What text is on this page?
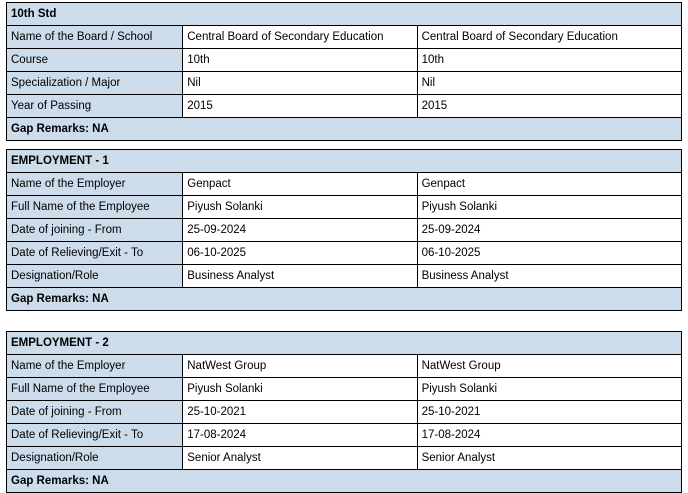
10th Std		
Name of the Board / School	Central Board of Secondary Education	Central Board of Secondary Education
Course	10th	10th
Specialization / Major	Nil	Nil
Year of Passing	2015	2015
Gap Remarks: NA		
EMPLOYMENT - 1		
Name of the Employer	Genpact	Genpact
Full Name of the Employee	Piyush Solanki	Piyush Solanki
Date of joining - From	25-09-2024	25-09-2024
Date of Relieving/Exit - To	06-10-2025	06-10-2025
Designation/Role	Business Analyst	Business Analyst
Gap Remarks: NA		
EMPLOYMENT - 2		
Name of the Employer	NatWest Group	NatWest Group
Full Name of the Employee	Piyush Solanki	Piyush Solanki
Date of joining - From	25-10-2021	25-10-2021
Date of Relieving/Exit - To	17-08-2024	17-08-2024
Designation/Role	Senior Analyst	Senior Analyst
Gap Remarks: NA		
